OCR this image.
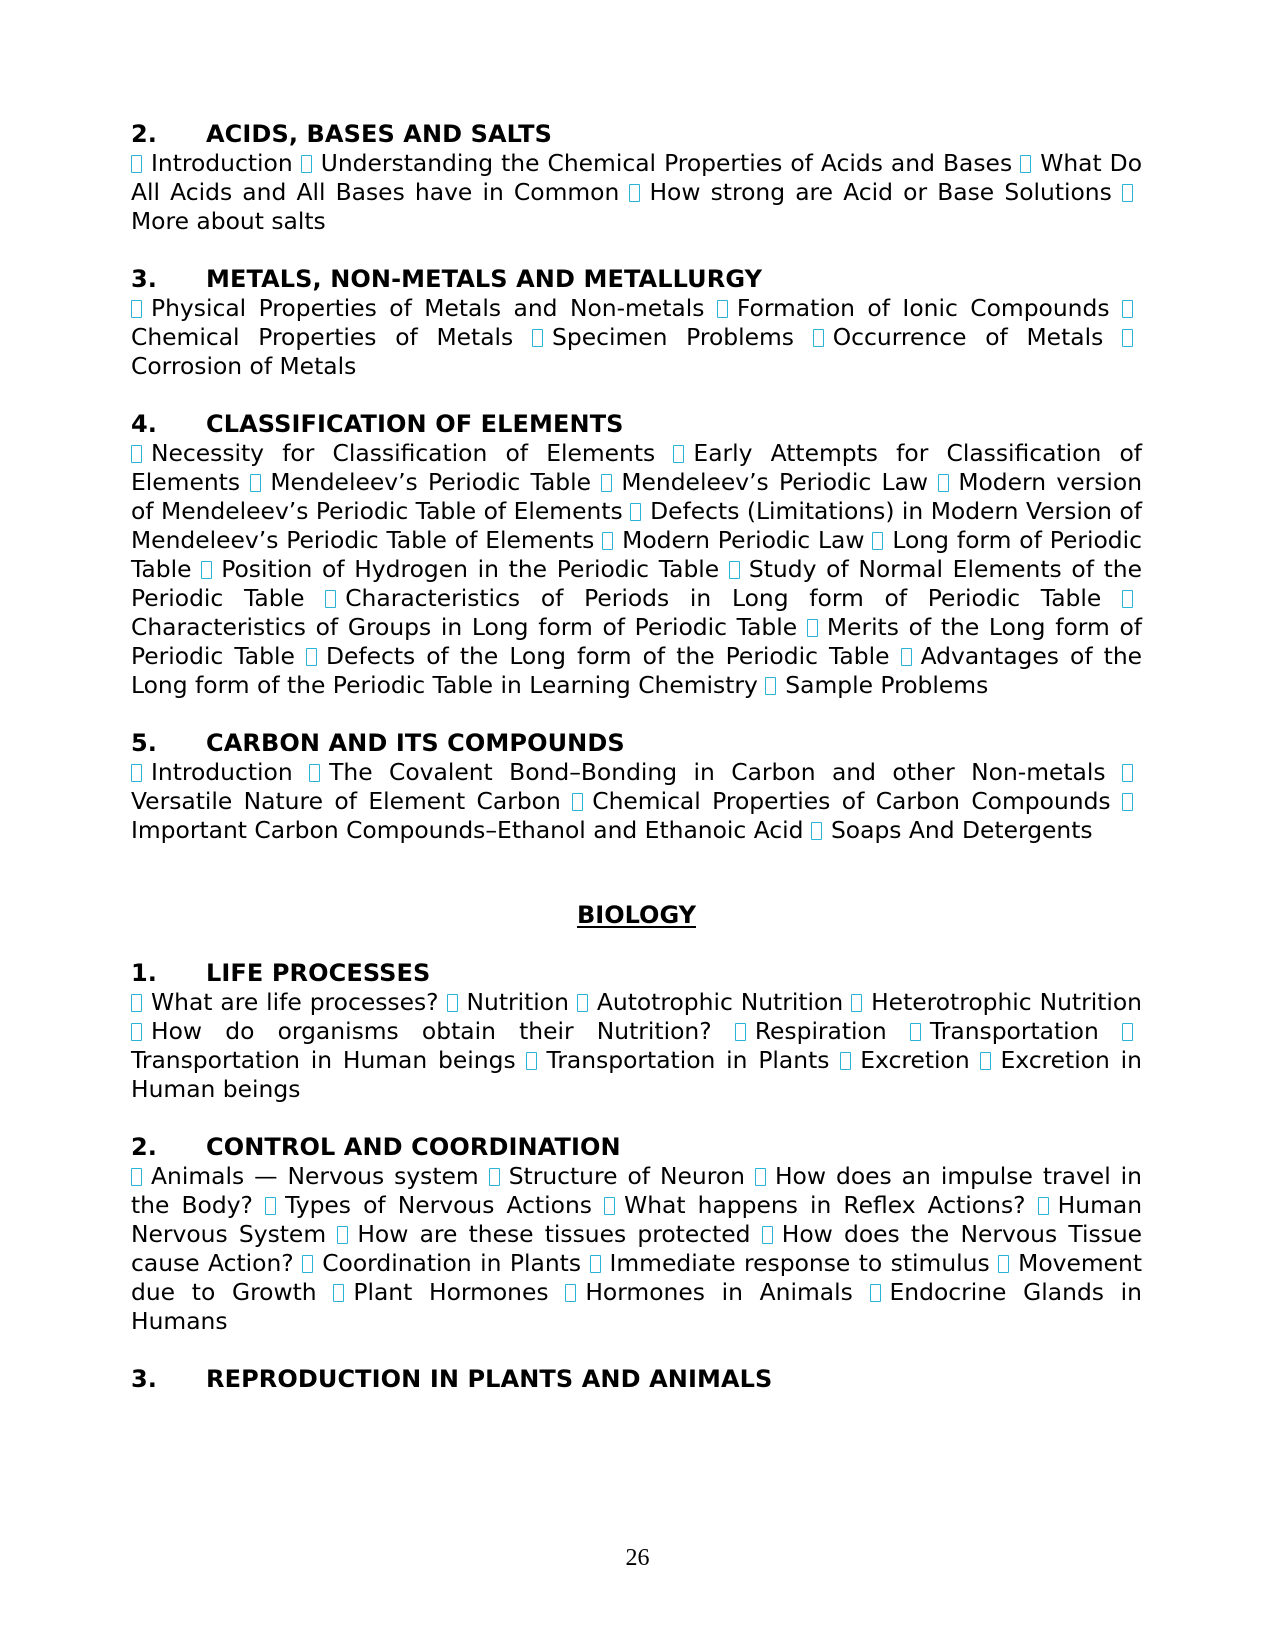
2.	ACIDS, BASES AND SALTS
Introduction Understanding the Chemical Properties of Acids and Bases What Do All Acids and All Bases have in Common How strong are Acid or Base Solutions More about salts
3.	METALS, NON-METALS AND METALLURGY
Physical Properties of Metals and Non-metals Formation of Ionic Compounds Chemical Properties of Metals Specimen Problems Occurrence of Metals Corrosion of Metals
4.	CLASSIFICATION OF ELEMENTS
Necessity for Classification of Elements Early Attempts for Classification of Elements Mendeleev’s Periodic Table Mendeleev’s Periodic Law Modern version of Mendeleev’s Periodic Table of Elements Defects (Limitations) in Modern Version of Mendeleev’s Periodic Table of Elements Modern Periodic Law Long form of Periodic Table Position of Hydrogen in the Periodic Table Study of Normal Elements of the Periodic Table Characteristics of Periods in Long form of Periodic Table Characteristics of Groups in Long form of Periodic Table Merits of the Long form of Periodic Table Defects of the Long form of the Periodic Table Advantages of the Long form of the Periodic Table in Learning Chemistry Sample Problems
5.	CARBON AND ITS COMPOUNDS
Introduction The Covalent Bond–Bonding in Carbon and other Non-metals Versatile Nature of Element Carbon Chemical Properties of Carbon Compounds Important Carbon Compounds–Ethanol and Ethanoic Acid Soaps And Detergents
BIOLOGY
1.	LIFE PROCESSES
What are life processes? Nutrition Autotrophic Nutrition Heterotrophic Nutrition How do organisms obtain their Nutrition? Respiration Transportation Transportation in Human beings Transportation in Plants Excretion Excretion in Human beings
2.	CONTROL AND COORDINATION
Animals — Nervous system Structure of Neuron How does an impulse travel in the Body? Types of Nervous Actions What happens in Reflex Actions? Human Nervous System How are these tissues protected How does the Nervous Tissue cause Action? Coordination in Plants Immediate response to stimulus Movement due to Growth Plant Hormones Hormones in Animals Endocrine Glands in Humans
3.	REPRODUCTION IN PLANTS AND ANIMALS
26
